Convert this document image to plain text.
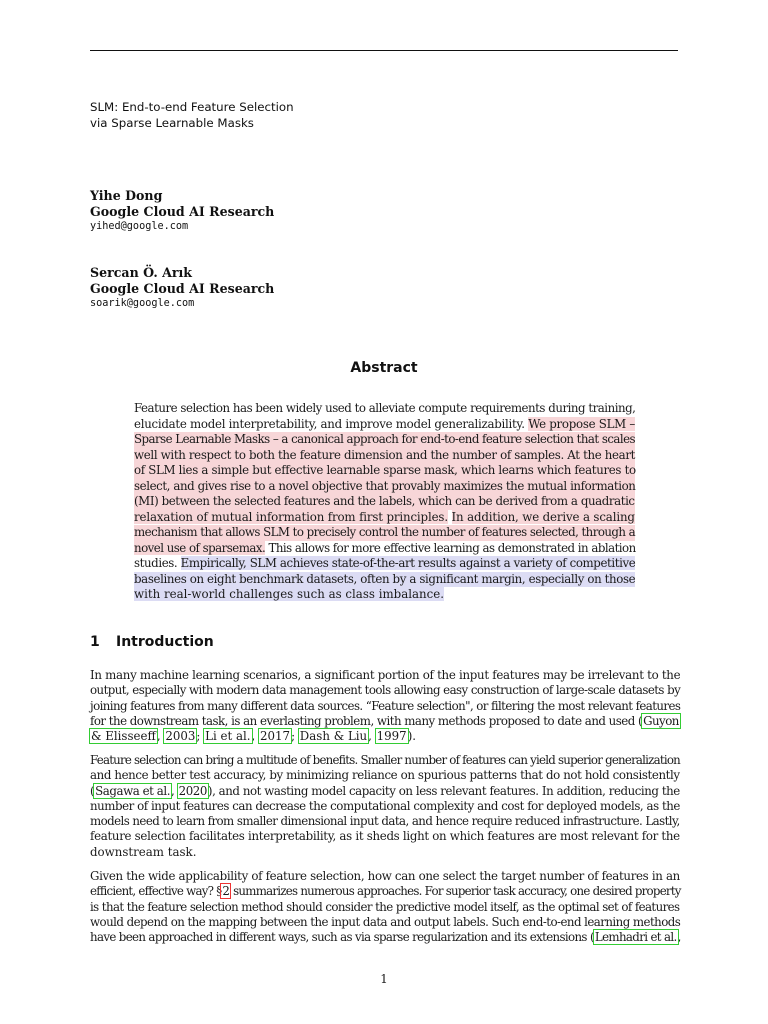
SLM: End-to-end Feature Selection
via Sparse Learnable Masks
Yihe Dong
Google Cloud AI Research
yihed@google.com
Sercan Ö. Arık
Google Cloud AI Research
soarik@google.com
Abstract
Feature selection has been widely used to alleviate compute requirements during training,
elucidate model interpretability, and improve model generalizability. We propose SLM –
Sparse Learnable Masks – a canonical approach for end-to-end feature selection that scales
well with respect to both the feature dimension and the number of samples. At the heart
of SLM lies a simple but effective learnable sparse mask, which learns which features to
select, and gives rise to a novel objective that provably maximizes the mutual information
(MI) between the selected features and the labels, which can be derived from a quadratic
relaxation of mutual information from first principles. In addition, we derive a scaling
mechanism that allows SLM to precisely control the number of features selected, through a
novel use of sparsemax. This allows for more effective learning as demonstrated in ablation
studies. Empirically, SLM achieves state-of-the-art results against a variety of competitive
baselines on eight benchmark datasets, often by a significant margin, especially on those
with real-world challenges such as class imbalance.
1 Introduction
In many machine learning scenarios, a significant portion of the input features may be irrelevant to the
output, especially with modern data management tools allowing easy construction of large-scale datasets by
joining features from many different data sources. “Feature selection", or filtering the most relevant features
for the downstream task, is an everlasting problem, with many methods proposed to date and used (Guyon
& Elisseeff, 2003; Li et al., 2017; Dash & Liu, 1997).
Feature selection can bring a multitude of benefits. Smaller number of features can yield superior generalization
and hence better test accuracy, by minimizing reliance on spurious patterns that do not hold consistently
(Sagawa et al., 2020), and not wasting model capacity on less relevant features. In addition, reducing the
number of input features can decrease the computational complexity and cost for deployed models, as the
models need to learn from smaller dimensional input data, and hence require reduced infrastructure. Lastly,
feature selection facilitates interpretability, as it sheds light on which features are most relevant for the
downstream task.
Given the wide applicability of feature selection, how can one select the target number of features in an
efficient, effective way? §2 summarizes numerous approaches. For superior task accuracy, one desired property
is that the feature selection method should consider the predictive model itself, as the optimal set of features
would depend on the mapping between the input data and output labels. Such end-to-end learning methods
have been approached in different ways, such as via sparse regularization and its extensions (Lemhadri et al.,
1
